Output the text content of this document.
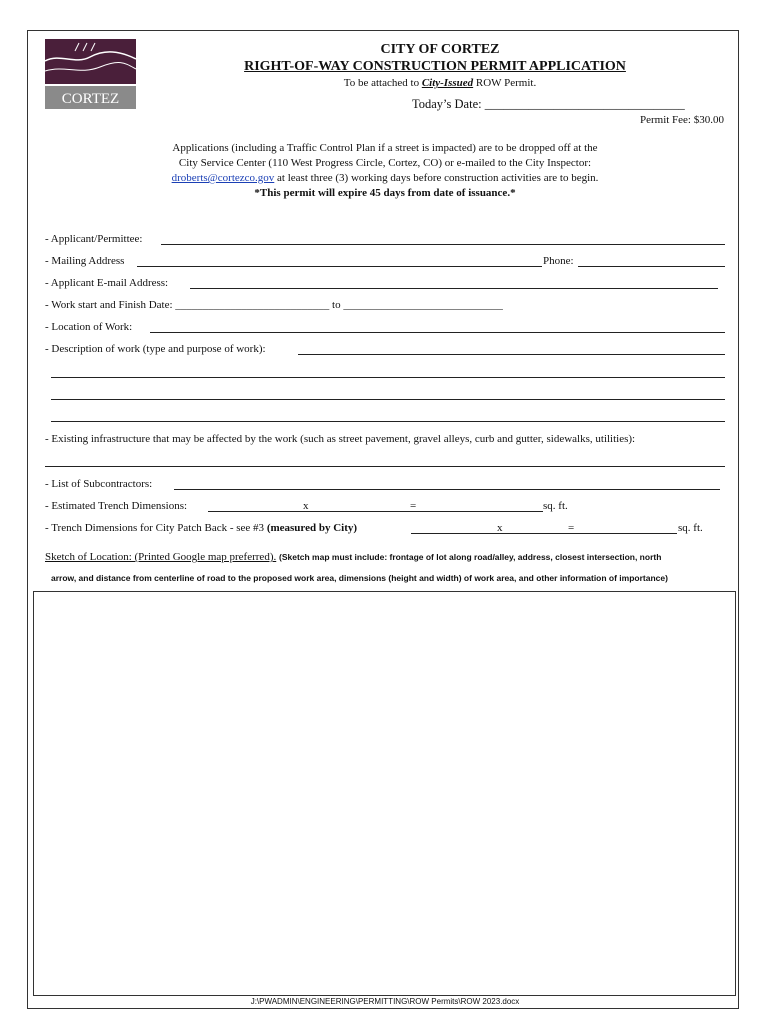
CORTEZ
CITY OF CORTEZ
RIGHT-OF-WAY CONSTRUCTION PERMIT APPLICATION
To be attached to City-Issued ROW Permit.
Today’s Date: ________________________________
Permit Fee: $30.00
Applications (including a Traffic Control Plan if a street is impacted) are to be dropped off at the
City Service Center (110 West Progress Circle, Cortez, CO) or e-mailed to the City Inspector:
droberts@cortezco.gov at least three (3) working days before construction activities are to begin.
*This permit will expire 45 days from date of issuance.*
- Applicant/Permittee:
- Mailing Address	Phone:
- Applicant E-mail Address:
- Work start and Finish Date: ____________________________ to _____________________________
- Location of Work:
- Description of work (type and purpose of work):
- Existing infrastructure that may be affected by the work (such as street pavement, gravel alleys, curb and gutter, sidewalks, utilities):
- List of Subcontractors:
- Estimated Trench Dimensions:	x	=	sq. ft.
- Trench Dimensions for City Patch Back - see #3 (measured by City)	x	=	sq. ft.
Sketch of Location: (Printed Google map preferred). (Sketch map must include: frontage of lot along road/alley, address, closest intersection, north
arrow, and distance from centerline of road to the proposed work area, dimensions (height and width) of work area, and other information of importance)
J:\PWADMIN\ENGINEERING\PERMITTING\ROW Permits\ROW 2023.docx
